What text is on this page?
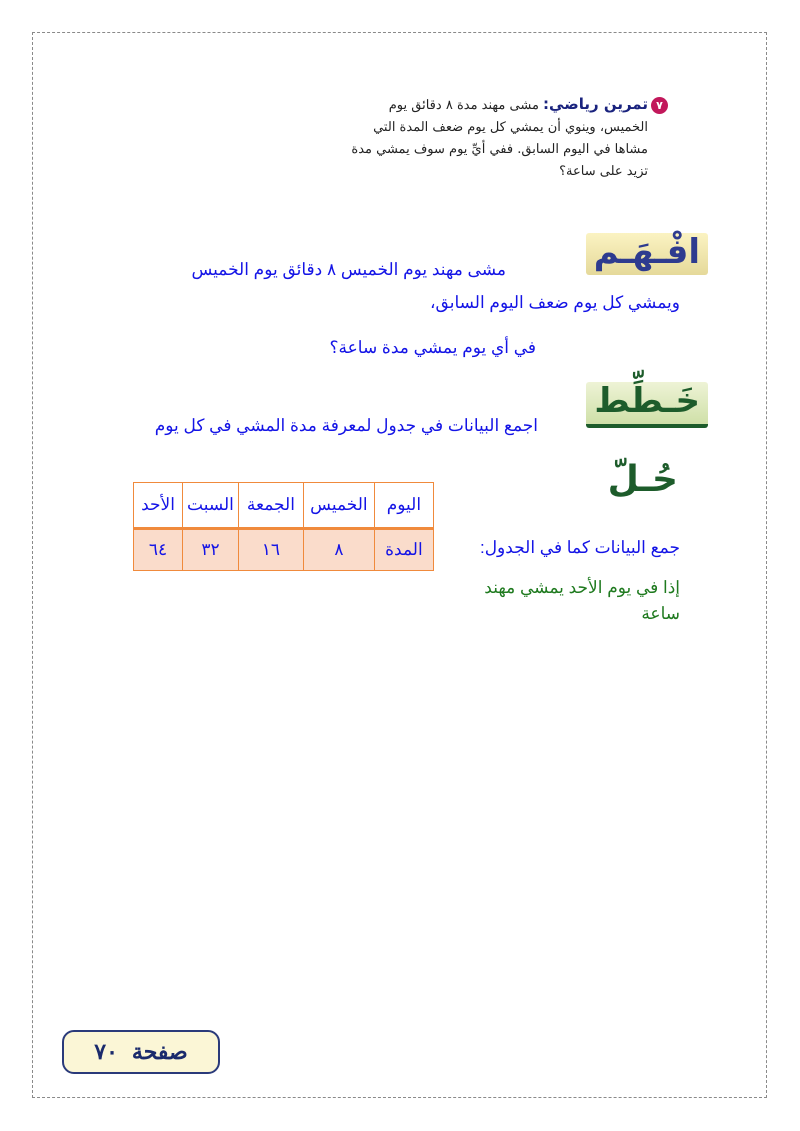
٧
تمرين رياضي: مشى مهند مدة ٨ دقائق يوم
الخميس، وينوي أن يمشي كل يوم ضعف المدة التي
مشاها في اليوم السابق. ففي أيِّ يوم سوف يمشي مدة
تزيد على ساعة؟
افْـهَـم
مشى مهند يوم الخميس ٨ دقائق يوم الخميس
ويمشي كل يوم ضعف اليوم السابق،
في أي يوم يمشي مدة ساعة؟
خَـطِّط
اجمع البيانات في جدول لمعرفة مدة المشي في كل يوم
حُـلّ
جمع البيانات كما في الجدول:
إذا في يوم الأحد يمشي مهند
ساعة
اليوم	الخميس	الجمعة	السبت	الأحد
المدة	٨	١٦	٣٢	٦٤
صفحة
٧٠
